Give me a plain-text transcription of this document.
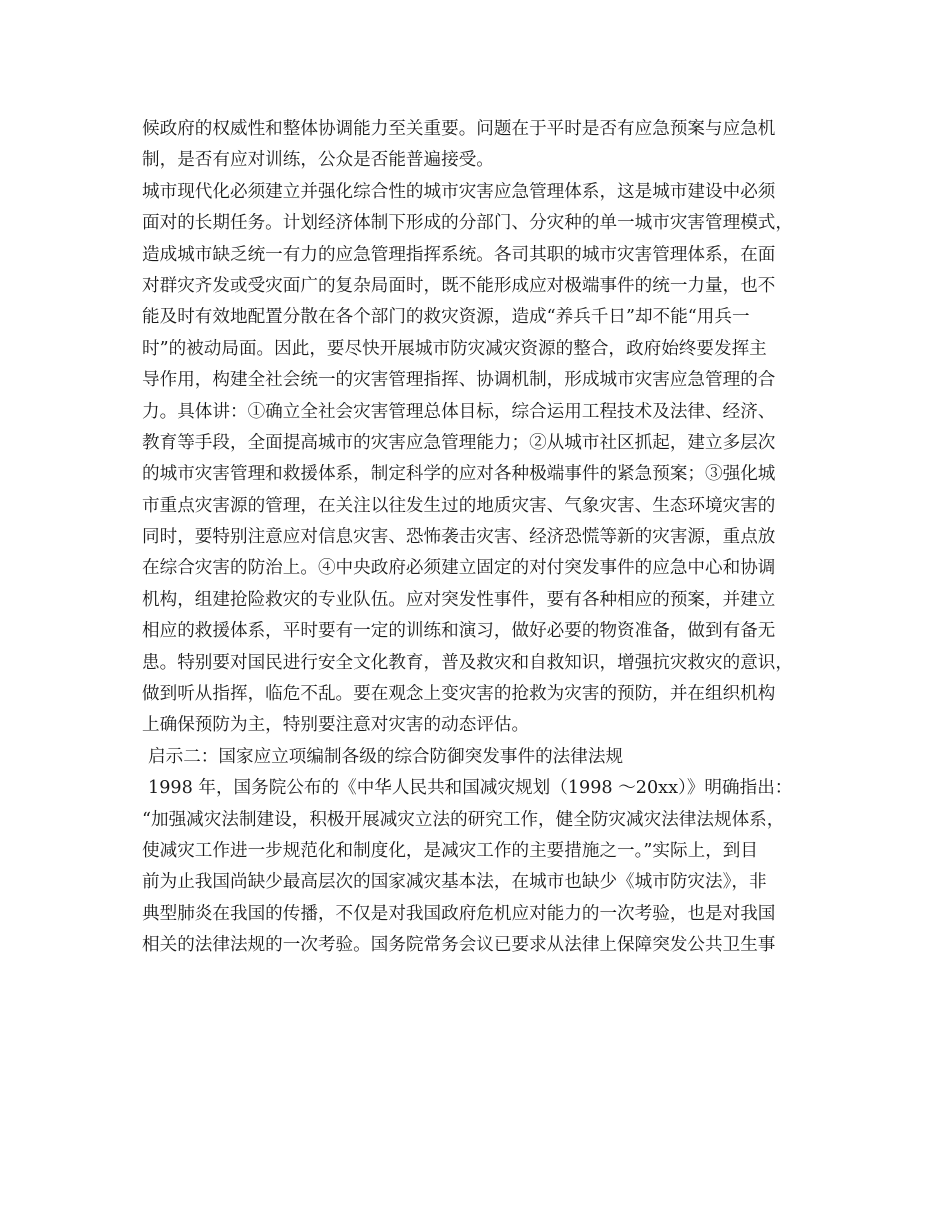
候政府的权威性和整体协调能力至关重要。问题在于平时是否有应急预案与应急机
制，是否有应对训练，公众是否能普遍接受。
城市现代化必须建立并强化综合性的城市灾害应急管理体系，这是城市建设中必须
面对的长期任务。计划经济体制下形成的分部门、分灾种的单一城市灾害管理模式，
造成城市缺乏统一有力的应急管理指挥系统。各司其职的城市灾害管理体系，在面
对群灾齐发或受灾面广的复杂局面时，既不能形成应对极端事件的统一力量，也不
能及时有效地配置分散在各个部门的救灾资源，造成“养兵千日”却不能“用兵一
时”的被动局面。因此，要尽快开展城市防灾减灾资源的整合，政府始终要发挥主
导作用，构建全社会统一的灾害管理指挥、协调机制，形成城市灾害应急管理的合
力。具体讲：①确立全社会灾害管理总体目标，综合运用工程技术及法律、经济、
教育等手段，全面提高城市的灾害应急管理能力；②从城市社区抓起，建立多层次
的城市灾害管理和救援体系，制定科学的应对各种极端事件的紧急预案；③强化城
市重点灾害源的管理，在关注以往发生过的地质灾害、气象灾害、生态环境灾害的
同时，要特别注意应对信息灾害、恐怖袭击灾害、经济恐慌等新的灾害源，重点放
在综合灾害的防治上。④中央政府必须建立固定的对付突发事件的应急中心和协调
机构，组建抢险救灾的专业队伍。应对突发性事件，要有各种相应的预案，并建立
相应的救援体系，平时要有一定的训练和演习，做好必要的物资准备，做到有备无
患。特别要对国民进行安全文化教育，普及救灾和自救知识，增强抗灾救灾的意识，
做到听从指挥，临危不乱。要在观念上变灾害的抢救为灾害的预防，并在组织机构
上确保预防为主，特别要注意对灾害的动态评估。
启示二：国家应立项编制各级的综合防御突发事件的法律法规
1998 年，国务院公布的《中华人民共和国减灾规划（1998 ～20xx）》明确指出：
“加强减灾法制建设，积极开展减灾立法的研究工作，健全防灾减灾法律法规体系，
使减灾工作进一步规范化和制度化，是减灾工作的主要措施之一。”实际上，到目
前为止我国尚缺少最高层次的国家减灾基本法，在城市也缺少《城市防灾法》，非
典型肺炎在我国的传播，不仅是对我国政府危机应对能力的一次考验，也是对我国
相关的法律法规的一次考验。国务院常务会议已要求从法律上保障突发公共卫生事
